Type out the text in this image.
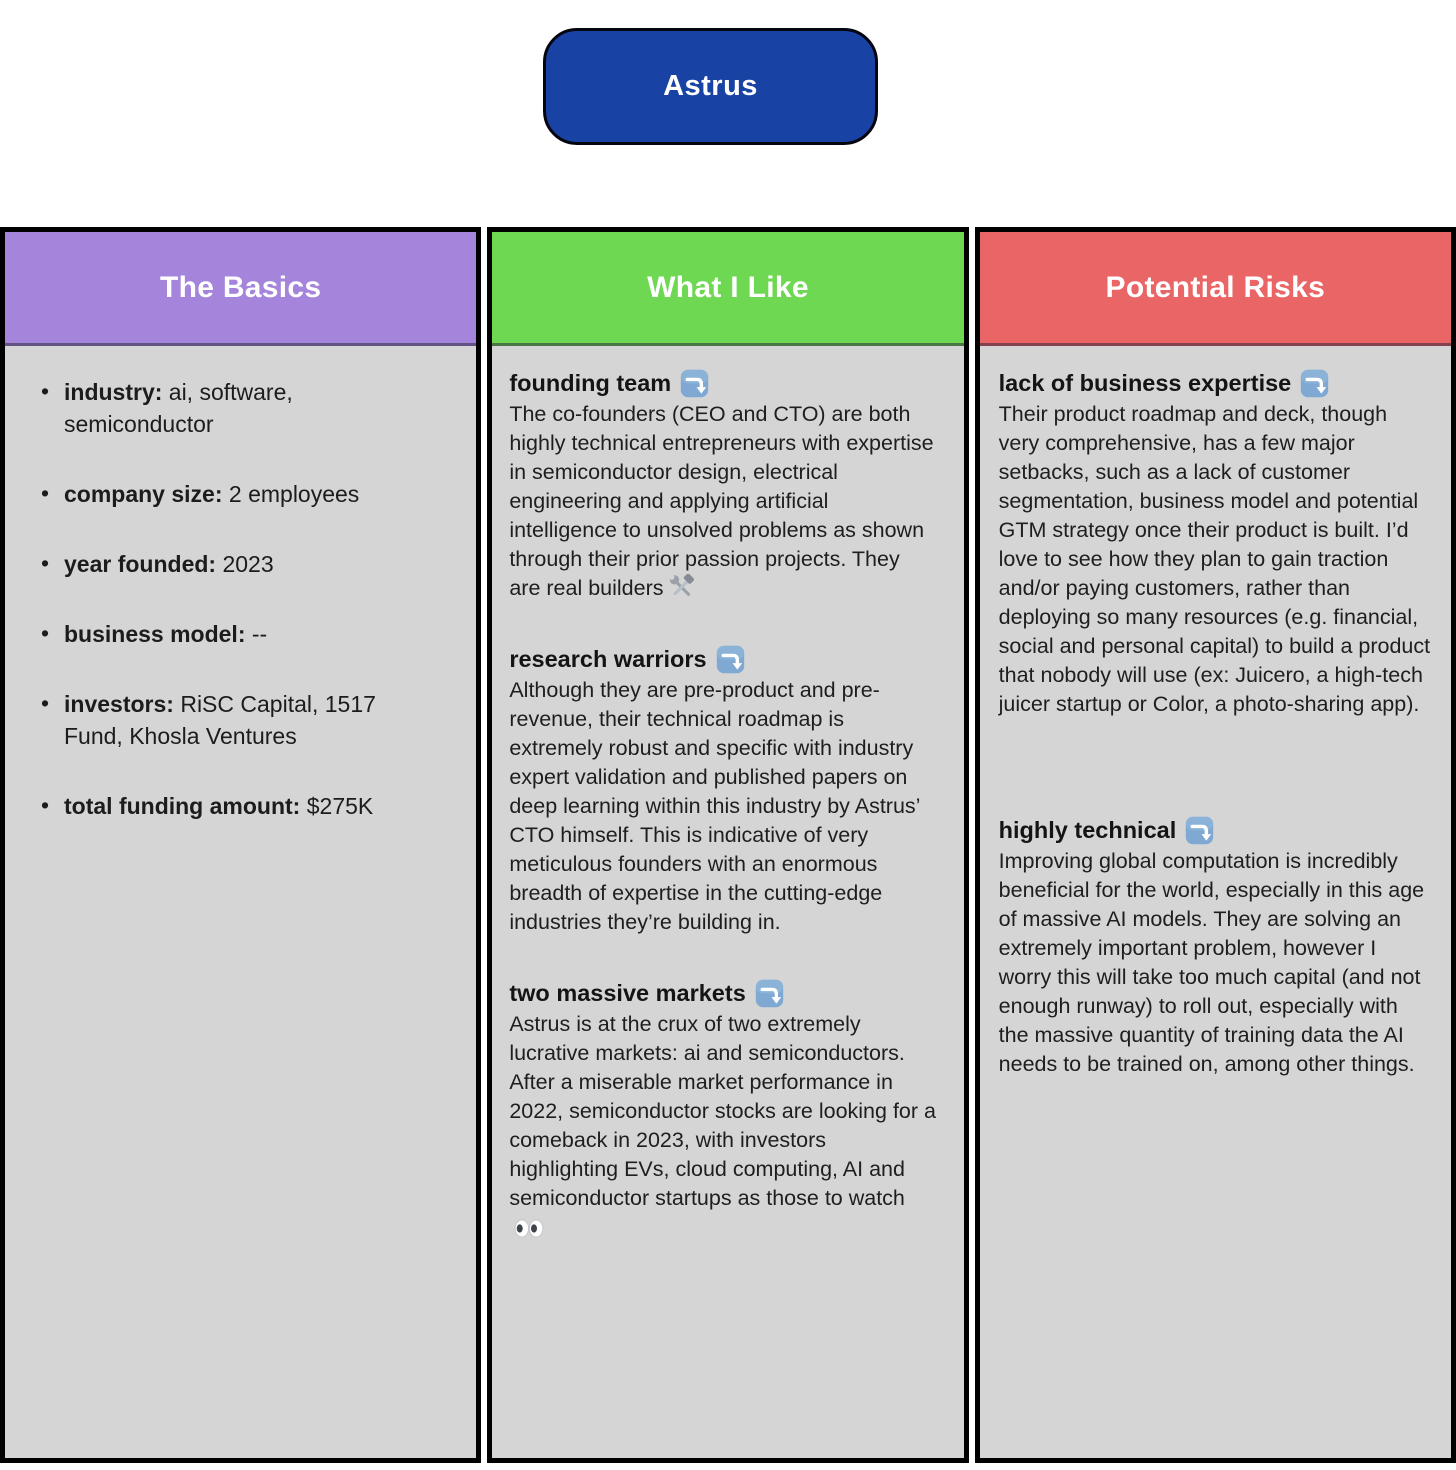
Astrus
The Basics
• industry: ai, software, semiconductor
• company size: 2 employees
• year founded: 2023
• business model: --
• investors: RiSC Capital, 1517 Fund, Khosla Ventures
• total funding amount: $275K
What I Like
founding team

The co-founders (CEO and CTO) are both highly technical entrepreneurs with expertise in semiconductor design, electrical engineering and applying artificial intelligence to unsolved problems as shown through their prior passion projects. They are real builders

research warriors

Although they are pre-product and pre-revenue, their technical roadmap is extremely robust and specific with industry expert validation and published papers on deep learning within this industry by Astrus’ CTO himself. This is indicative of very meticulous founders with an enormous breadth of expertise in the cutting-edge industries they’re building in.

two massive markets

Astrus is at the crux of two extremely lucrative markets: ai and semiconductors. After a miserable market performance in 2022, semiconductor stocks are looking for a comeback in 2023, with investors highlighting EVs, cloud computing, AI and semiconductor startups as those to watch

Potential Risks
lack of business expertise

Their product roadmap and deck, though very comprehensive, has a few major setbacks, such as a lack of customer segmentation, business model and potential GTM strategy once their product is built. I’d love to see how they plan to gain traction and/or paying customers, rather than deploying so many resources (e.g. financial, social and personal capital) to build a product that nobody will use (ex: Juicero, a high-tech juicer startup or Color, a photo-sharing app).

highly technical

Improving global computation is incredibly beneficial for the world, especially in this age of massive AI models. They are solving an extremely important problem, however I worry this will take too much capital (and not enough runway) to roll out, especially with the massive quantity of training data the AI needs to be trained on, among other things.
